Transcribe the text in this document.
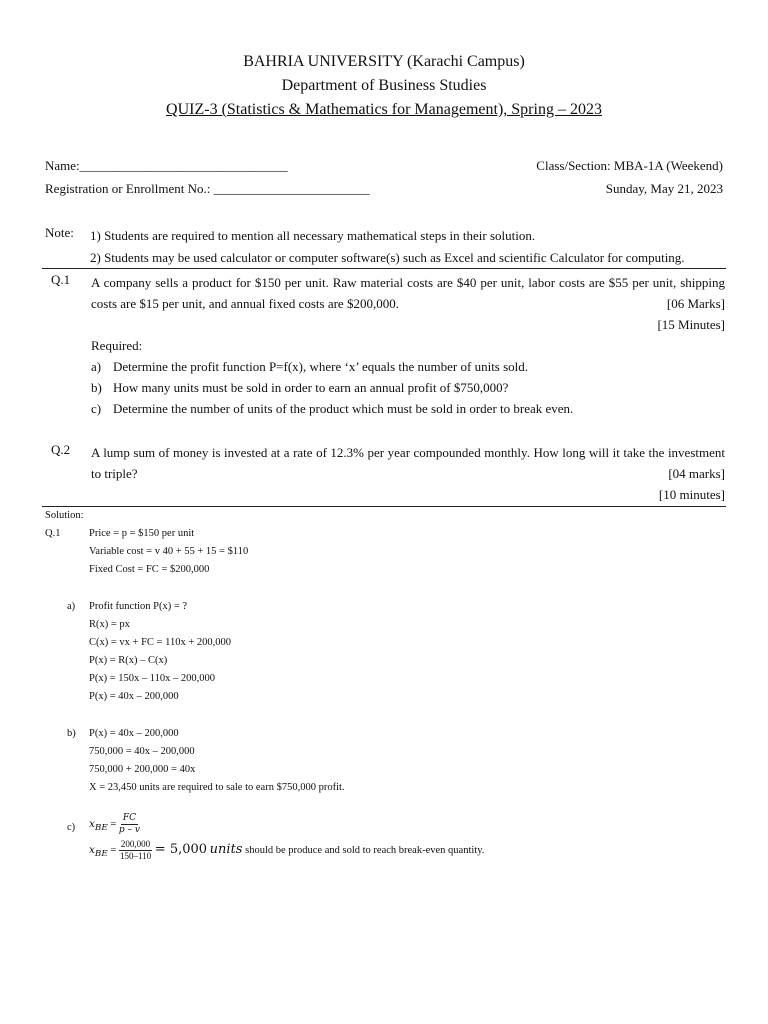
BAHRIA UNIVERSITY (Karachi Campus)
Department of Business Studies
QUIZ-3 (Statistics & Mathematics for Management), Spring – 2023
Name:________________________________	Class/Section: MBA-1A (Weekend)
Registration or Enrollment No.: ________________________	Sunday, May 21, 2023
Note: 1) Students are required to mention all necessary mathematical steps in their solution.
2) Students may be used calculator or computer software(s) such as Excel and scientific Calculator for computing.
Q.1 A company sells a product for $150 per unit. Raw material costs are $40 per unit, labor costs are $55 per unit, shipping costs are $15 per unit, and annual fixed costs are $200,000.	[06 Marks]
[15 Minutes]
Required:
a) Determine the profit function P=f(x), where ‘x’ equals the number of units sold.
b) How many units must be sold in order to earn an annual profit of $750,000?
c) Determine the number of units of the product which must be sold in order to break even.
Q.2 A lump sum of money is invested at a rate of 12.3% per year compounded monthly. How long will it take the investment to triple?	[04 marks]
[10 minutes]
Solution:
Q.1	Price = p = $150 per unit
Variable cost = v 40 + 55 + 15 = $110
Fixed Cost = FC = $200,000
a) Profit function P(x) = ?
R(x) = px
C(x) = vx + FC = 110x + 200,000
P(x) = R(x) – C(x)
P(x) = 150x – 110x – 200,000
P(x) = 40x – 200,000
b) P(x) = 40x – 200,000
750,000 = 40x – 200,000
750,000 + 200,000 = 40x
X = 23,450 units are required to sale to earn $750,000 profit.
c) $x_{BE} = \frac{FC}{p - v}$
$x_{BE} = \frac{200,000}{150-110} = 5,000$ units should be produce and sold to reach break-even quantity.
